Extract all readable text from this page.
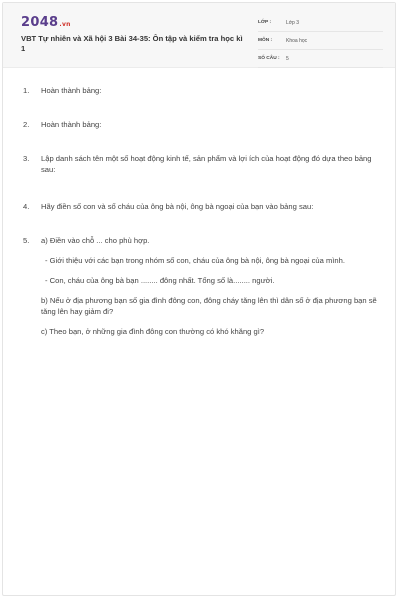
2048.vn
VBT Tự nhiên và Xã hội 3 Bài 34-35: Ôn tập và kiểm tra học kì 1
LỚP :	Lớp 3
MÔN :	Khoa học
SỐ CÂU : 5
1. Hoàn thành bảng:
2. Hoàn thành bảng:
3. Lập danh sách tên một số hoạt động kinh tế, sản phẩm và lợi ích của hoạt động đó dựa theo bảng sau:
4. Hãy điền số con và số cháu của ông bà nội, ông bà ngoại của bạn vào bảng sau:
5. a) Điền vào chỗ ... cho phù hợp.

- Giới thiệu với các bạn trong nhóm số con, cháu của ông bà nội, ông bà ngoại của mình.

- Con, cháu của ông bà bạn ........ đông nhất. Tổng số là........ người.

b) Nếu ở địa phương bạn số gia đình đông con, đông cháy tăng lên thì dân số ở địa phương bạn sẽ tăng lên hay giảm đi?

c) Theo bạn, ở những gia đình đông con thường có khó khăng gì?
